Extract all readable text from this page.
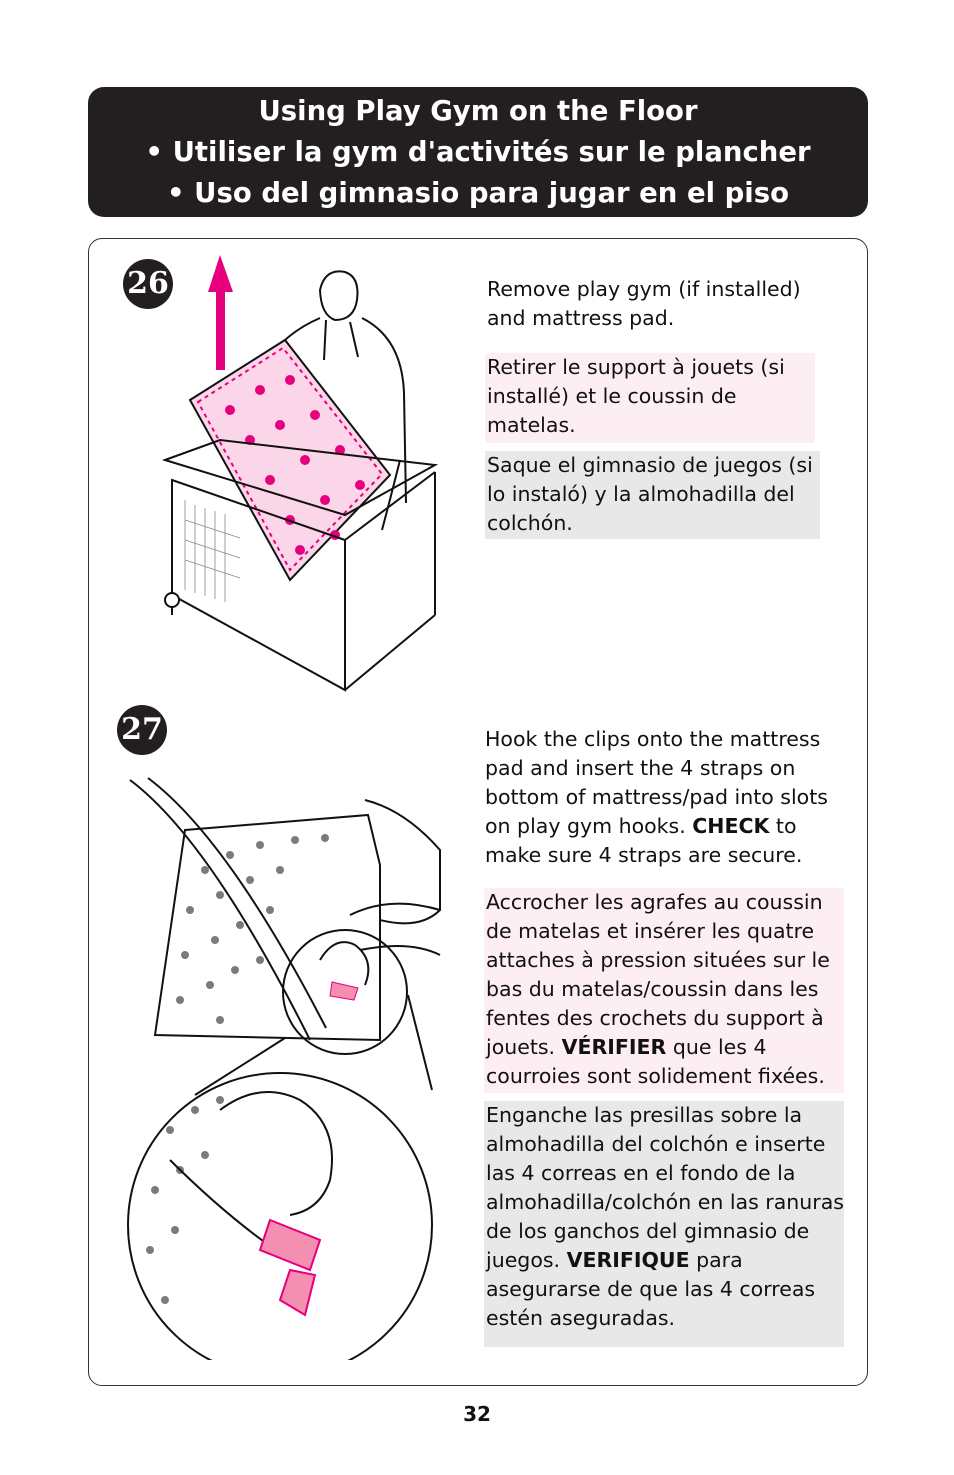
Using Play Gym on the Floor
• Utiliser la gym d'activités sur le plancher
• Uso del gimnasio para jugar en el piso
26	Remove play gym (if installed) and mattress pad.
Retirer le support à jouets (si installé) et le coussin de matelas.
Saque el gimnasio de juegos (si lo instaló) y la almohadilla del colchón.
27	Hook the clips onto the mattress pad and insert the 4 straps on bottom of mattress/pad into slots on play gym hooks. CHECK to make sure 4 straps are secure.
Accrocher les agrafes au coussin de matelas et insérer les quatre attaches à pression situées sur le bas du matelas/coussin dans les fentes des crochets du support à jouets. VÉRIFIER que les 4 courroies sont solidement fixées.
Enganche las presillas sobre la almohadilla del colchón e inserte las 4 correas en el fondo de la almohadilla/colchón en las ranuras de los ganchos del gimnasio de juegos. VERIFIQUE para asegurarse de que las 4 correas estén aseguradas.
32
